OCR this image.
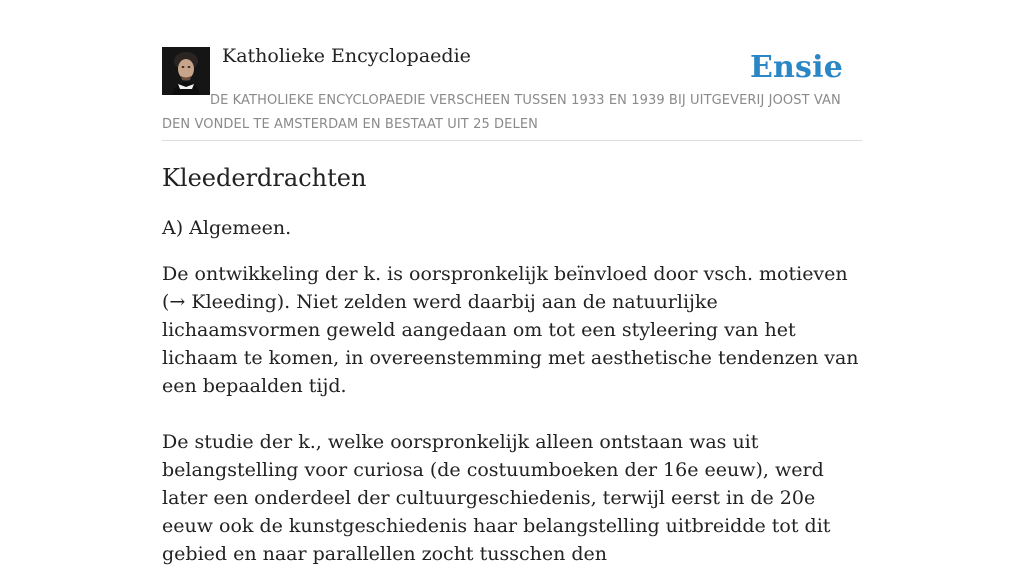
Katholieke Encyclopaedie	Ensie
DE KATHOLIEKE ENCYCLOPAEDIE VERSCHEEN TUSSEN 1933 EN 1939 BIJ UITGEVERIJ JOOST VAN DEN VONDEL TE AMSTERDAM EN BESTAAT UIT 25 DELEN
Kleederdrachten

A) Algemeen.

De ontwikkeling der k. is oorspronkelijk beïnvloed door vsch. motieven (→ Kleeding). Niet zelden werd daarbij aan de natuurlijke lichaamsvormen geweld aangedaan om tot een styleering van het lichaam te komen, in overeenstemming met aesthetische tendenzen van een bepaalden tijd.

De studie der k., welke oorspronkelijk alleen ontstaan was uit belangstelling voor curiosa (de costuumboeken der 16e eeuw), werd later een onderdeel der cultuurgeschiedenis, terwijl eerst in de 20e eeuw ook de kunstgeschiedenis haar belangstelling uitbreidde tot dit gebied en naar parallellen zocht tusschen den
